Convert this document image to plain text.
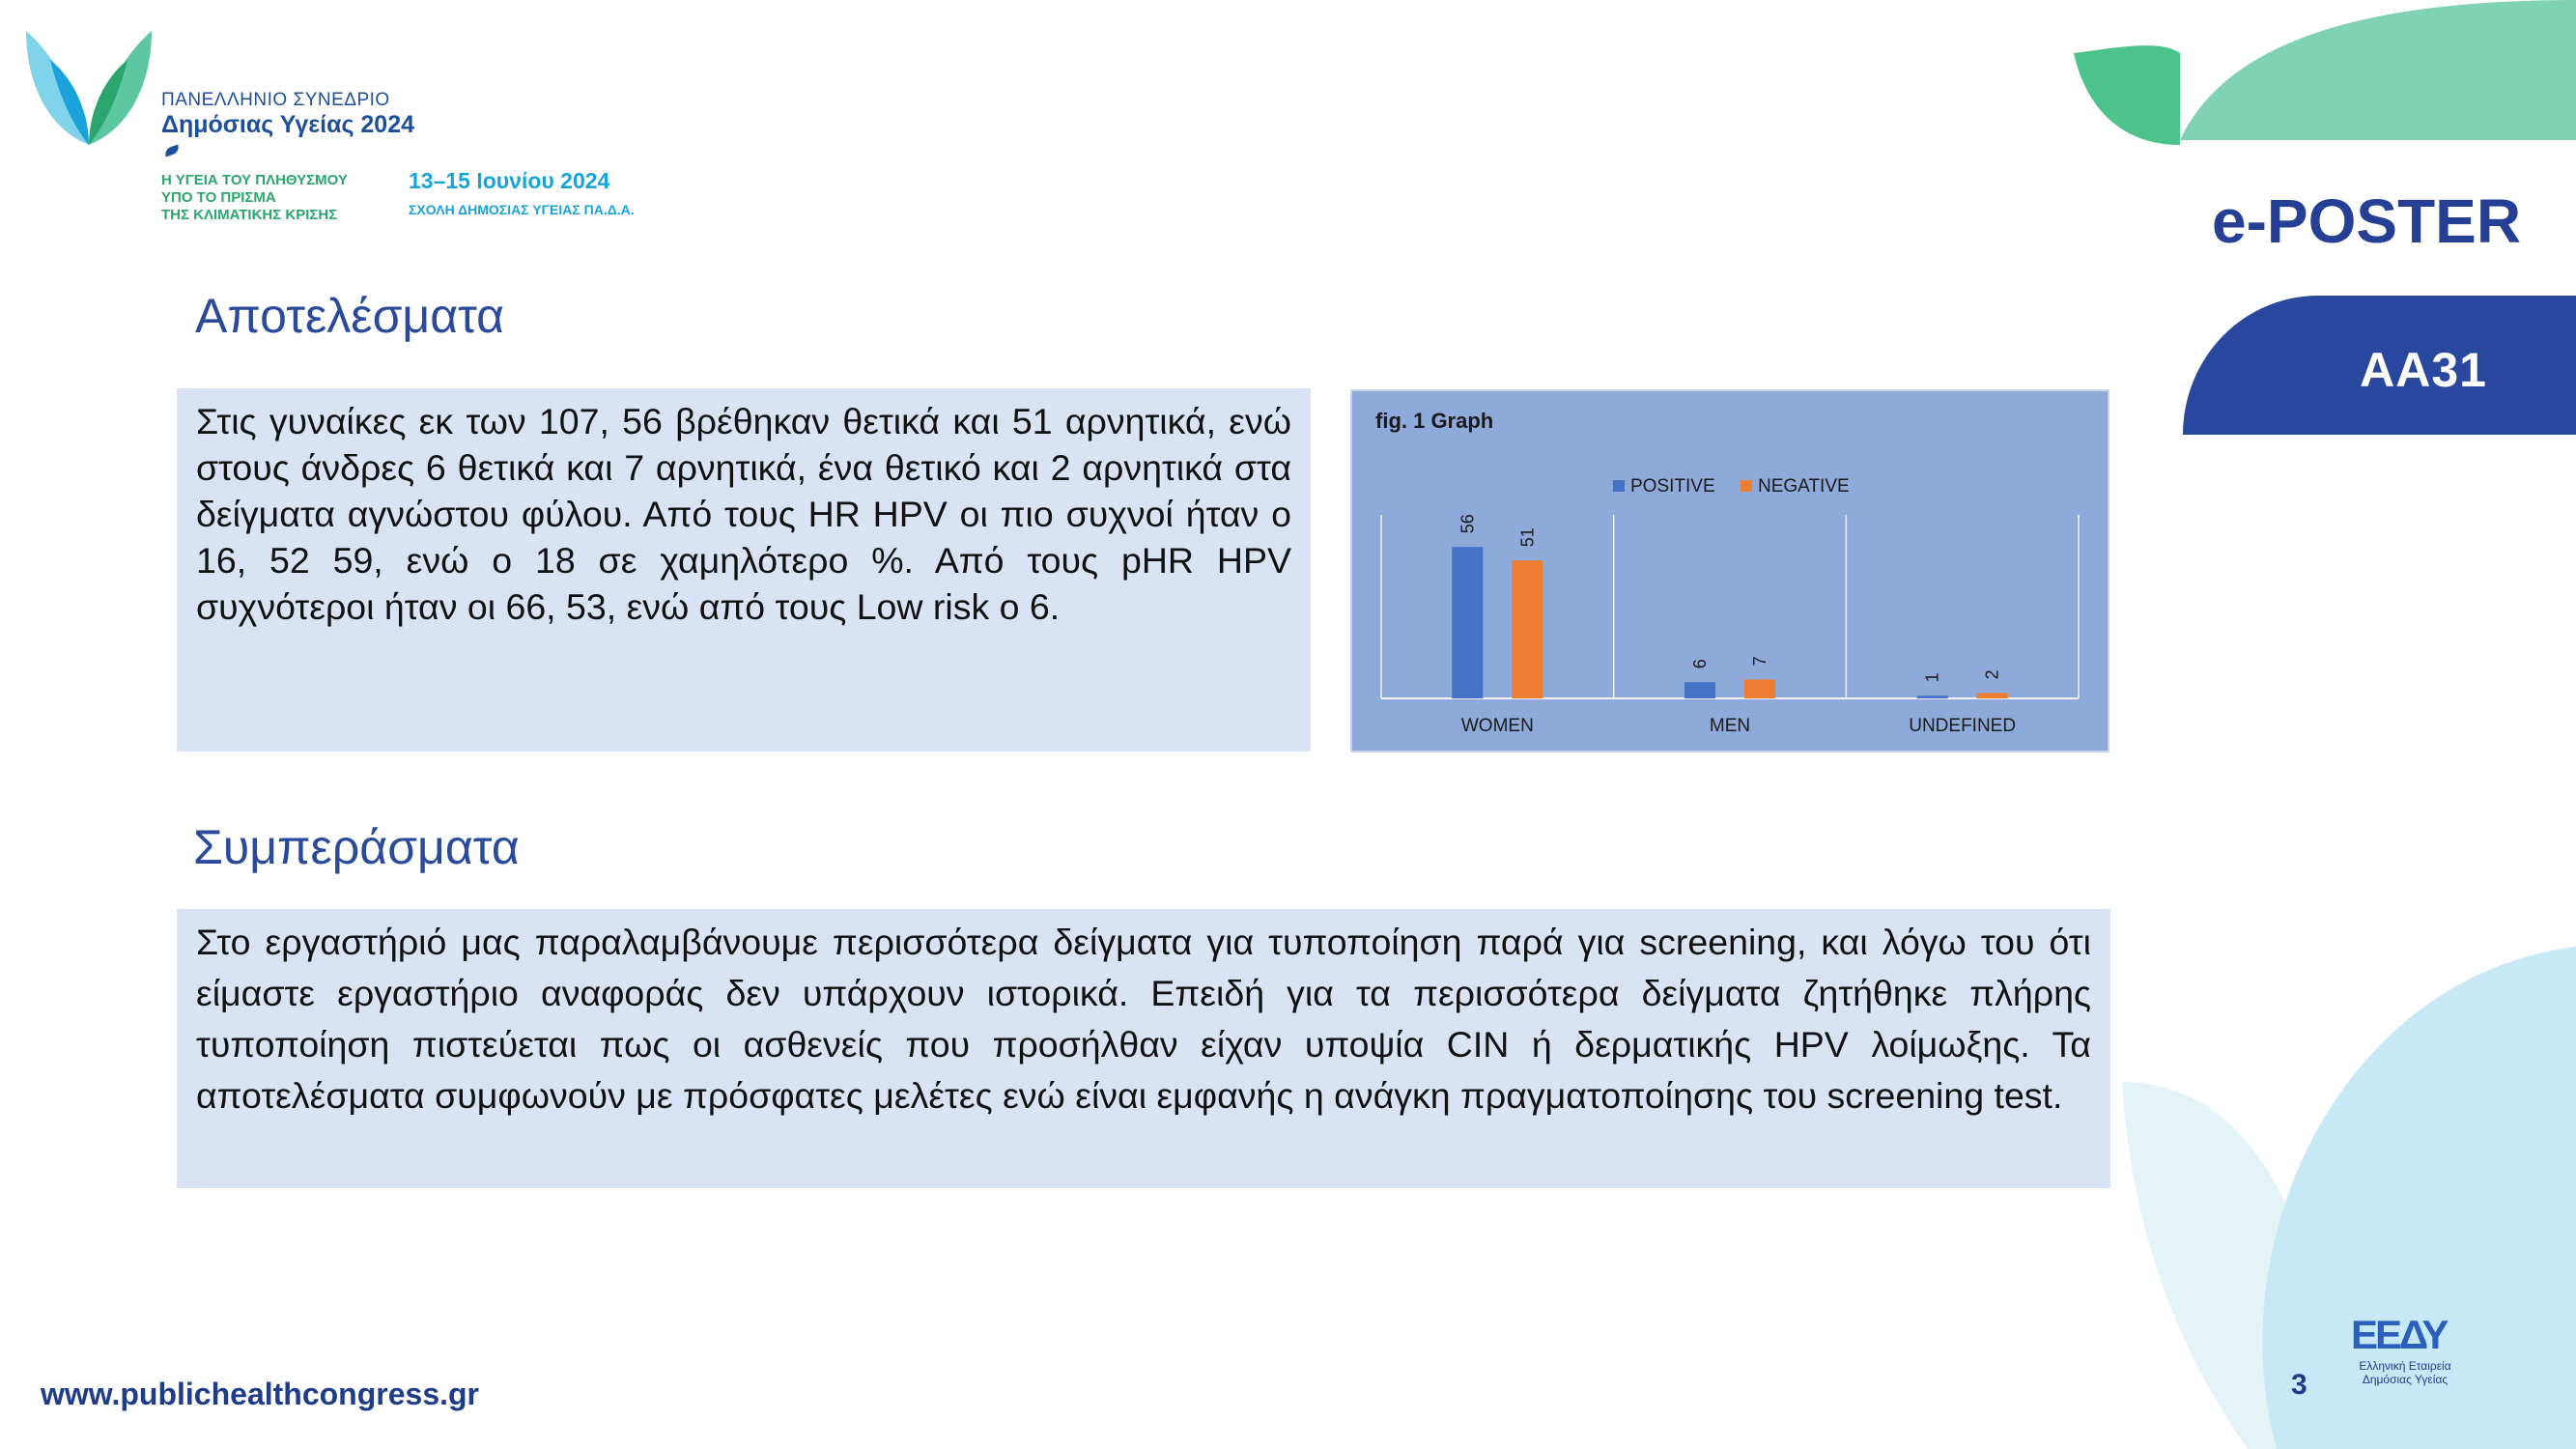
ΠΑΝΕΛΛΗΝΙΟ ΣΥΝΕΔΡΙΟ
Δημόσιας Υγείας 2024
Η ΥΓΕΙΑ ΤΟΥ ΠΛΗΘΥΣΜΟΥ
ΥΠΟ ΤΟ ΠΡΙΣΜΑ
ΤΗΣ ΚΛΙΜΑΤΙΚΗΣ ΚΡΙΣΗΣ
13–15 Ιουνίου 2024
ΣΧΟΛΗ ΔΗΜΟΣΙΑΣ ΥΓΕΙΑΣ ΠΑ.Δ.Α.	e-POSTER
AA31
Αποτελέσματα
Στις γυναίκες εκ των 107, 56 βρέθηκαν θετικά και 51 αρνητικά, ενώ στους άνδρες 6 θετικά και 7 αρνητικά, ένα θετικό και 2 αρνητικά στα δείγματα αγνώστου φύλου. Από τους HR HPV οι πιο συχνοί ήταν ο 16, 52 59, ενώ ο 18 σε χαμηλότερο %. Από τους pHR HPV συχνότεροι ήταν οι 66, 53, ενώ από τους Low risk ο 6.
fig. 1 Graph
POSITIVE NEGATIVE
56
51
WOMEN
6 7
MEN
1 2
UNDEFINED
Συμπεράσματα
Στο εργαστήριό μας παραλαμβάνουμε περισσότερα δείγματα για τυποποίηση παρά για screening, και λόγω του ότι είμαστε εργαστήριο αναφοράς δεν υπάρχουν ιστορικά. Επειδή για τα περισσότερα δείγματα ζητήθηκε πλήρης τυποποίηση πιστεύεται πως οι ασθενείς που προσήλθαν είχαν υποψία CIN ή δερματικής HPV λοίμωξης. Τα αποτελέσματα συμφωνούν με πρόσφατες μελέτες ενώ είναι εμφανής η ανάγκη πραγματοποίησης του screening test.
www.publichealthcongress.gr	3
ΕΕΔΥ
Ελληνική Εταιρεία
Δημόσιας Υγείας
